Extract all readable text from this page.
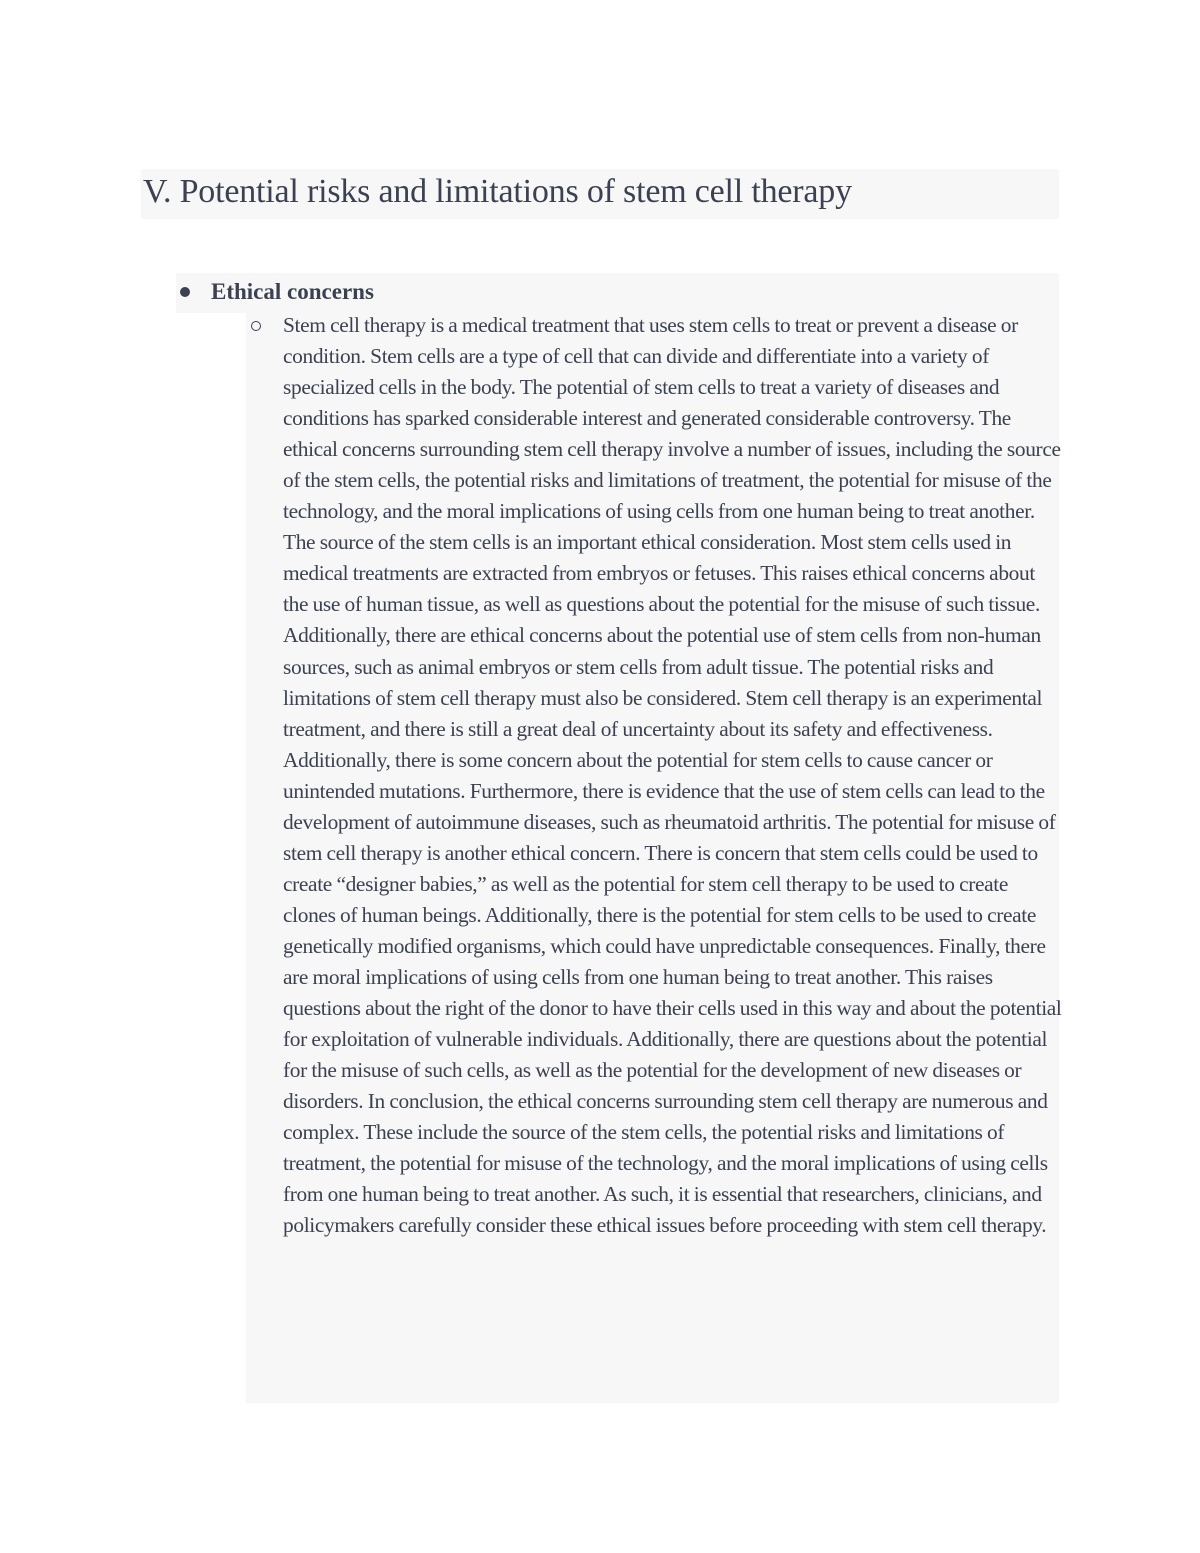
V. Potential risks and limitations of stem cell therapy
Ethical concerns

Stem cell therapy is a medical treatment that uses stem cells to treat or prevent a disease or condition. Stem cells are a type of cell that can divide and differentiate into a variety of specialized cells in the body. The potential of stem cells to treat a variety of diseases and conditions has sparked considerable interest and generated considerable controversy. The ethical concerns surrounding stem cell therapy involve a number of issues, including the source of the stem cells, the potential risks and limitations of treatment, the potential for misuse of the technology, and the moral implications of using cells from one human being to treat another. The source of the stem cells is an important ethical consideration. Most stem cells used in medical treatments are extracted from embryos or fetuses. This raises ethical concerns about the use of human tissue, as well as questions about the potential for the misuse of such tissue. Additionally, there are ethical concerns about the potential use of stem cells from non-human sources, such as animal embryos or stem cells from adult tissue. The potential risks and limitations of stem cell therapy must also be considered. Stem cell therapy is an experimental treatment, and there is still a great deal of uncertainty about its safety and effectiveness. Additionally, there is some concern about the potential for stem cells to cause cancer or unintended mutations. Furthermore, there is evidence that the use of stem cells can lead to the development of autoimmune diseases, such as rheumatoid arthritis. The potential for misuse of stem cell therapy is another ethical concern. There is concern that stem cells could be used to create “designer babies,” as well as the potential for stem cell therapy to be used to create clones of human beings. Additionally, there is the potential for stem cells to be used to create genetically modified organisms, which could have unpredictable consequences. Finally, there are moral implications of using cells from one human being to treat another. This raises questions about the right of the donor to have their cells used in this way and about the potential for exploitation of vulnerable individuals. Additionally, there are questions about the potential for the misuse of such cells, as well as the potential for the development of new diseases or disorders. In conclusion, the ethical concerns surrounding stem cell therapy are numerous and complex. These include the source of the stem cells, the potential risks and limitations of treatment, the potential for misuse of the technology, and the moral implications of using cells from one human being to treat another. As such, it is essential that researchers, clinicians, and policymakers carefully consider these ethical issues before proceeding with stem cell therapy.
